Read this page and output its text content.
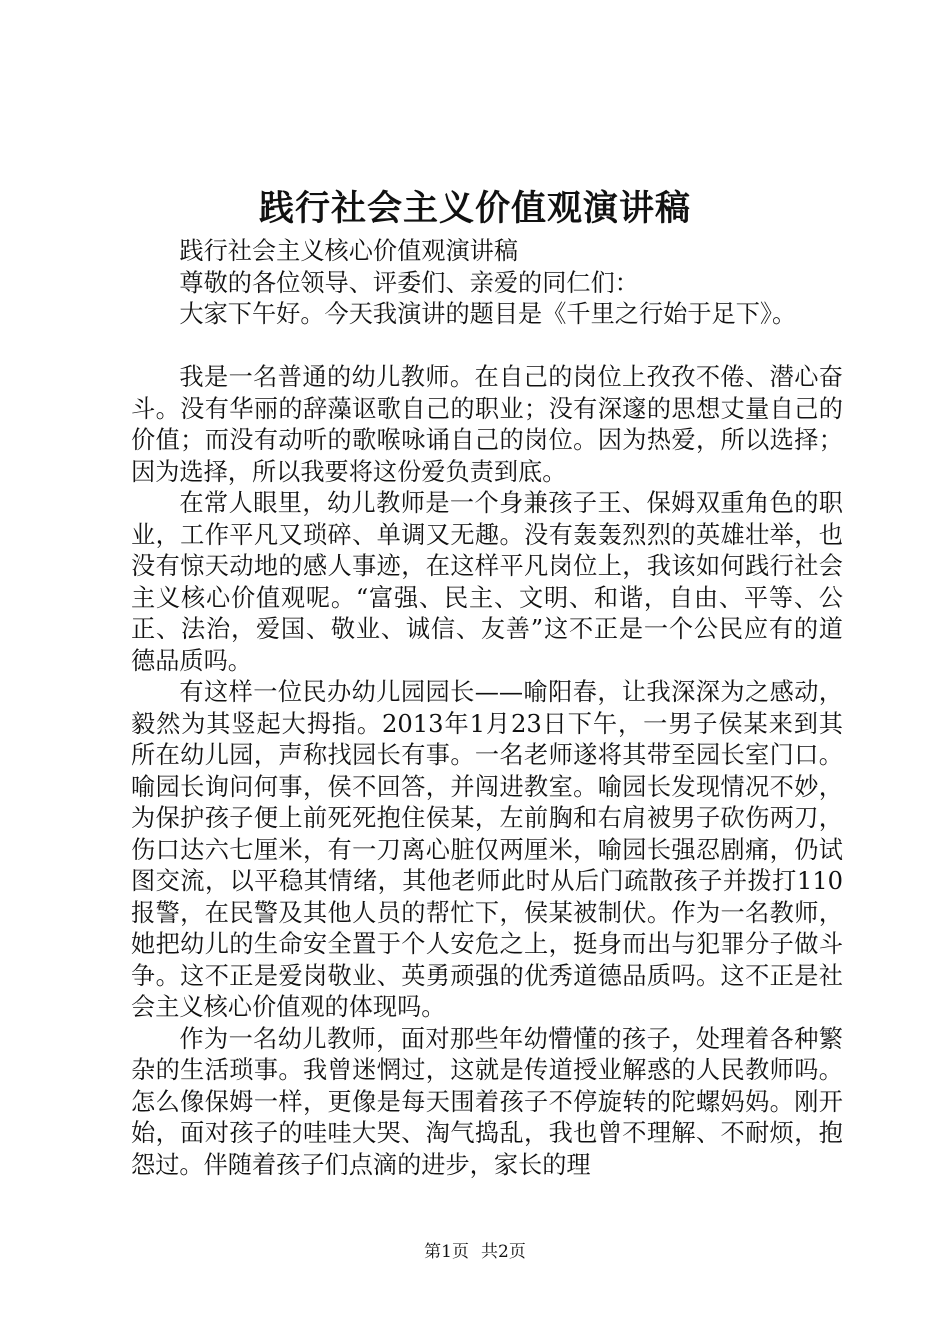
践行社会主义价值观演讲稿

践行社会主义核心价值观演讲稿

尊敬的各位领导、评委们、亲爱的同仁们：

大家下午好。今天我演讲的题目是《千里之行始于足下》。

我是一名普通的幼儿教师。在自己的岗位上孜孜不倦、潜心奋斗。没有华丽的辞藻讴歌自己的职业；没有深邃的思想丈量自己的价值；而没有动听的歌喉咏诵自己的岗位。因为热爱，所以选择；因为选择，所以我要将这份爱负责到底。

在常人眼里，幼儿教师是一个身兼孩子王、保姆双重角色的职业，工作平凡又琐碎、单调又无趣。没有轰轰烈烈的英雄壮举，也没有惊天动地的感人事迹，在这样平凡岗位上，我该如何践行社会主义核心价值观呢。“富强、民主、文明、和谐，自由、平等、公正、法治，爱国、敬业、诚信、友善”这不正是一个公民应有的道德品质吗。

有这样一位民办幼儿园园长——喻阳春，让我深深为之感动，毅然为其竖起大拇指。2013年1月23日下午，一男子侯某来到其所在幼儿园，声称找园长有事。一名老师遂将其带至园长室门口。喻园长询问何事，侯不回答，并闯进教室。喻园长发现情况不妙，为保护孩子便上前死死抱住侯某，左前胸和右肩被男子砍伤两刀，伤口达六七厘米，有一刀离心脏仅两厘米，喻园长强忍剧痛，仍试图交流，以平稳其情绪，其他老师此时从后门疏散孩子并拨打110报警，在民警及其他人员的帮忙下，侯某被制伏。作为一名教师，她把幼儿的生命安全置于个人安危之上，挺身而出与犯罪分子做斗争。这不正是爱岗敬业、英勇顽强的优秀道德品质吗。这不正是社会主义核心价值观的体现吗。

作为一名幼儿教师，面对那些年幼懵懂的孩子，处理着各种繁杂的生活琐事。我曾迷惘过，这就是传道授业解惑的人民教师吗。怎么像保姆一样，更像是每天围着孩子不停旋转的陀螺妈妈。刚开始，面对孩子的哇哇大哭、淘气捣乱，我也曾不理解、不耐烦，抱怨过。伴随着孩子们点滴的进步，家长的理

第1页 共2页
